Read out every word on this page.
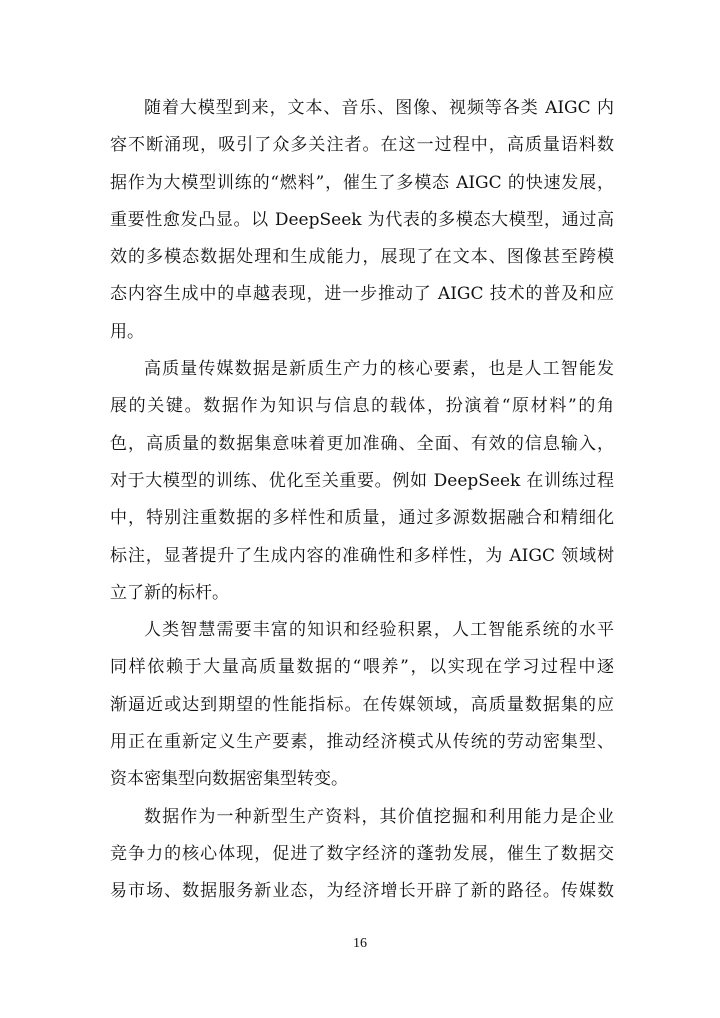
随着大模型到来，文本、音乐、图像、视频等各类 AIGC 内
容不断涌现，吸引了众多关注者。在这一过程中，高质量语料数
据作为大模型训练的“燃料”，催生了多模态 AIGC 的快速发展，
重要性愈发凸显。以 DeepSeek 为代表的多模态大模型，通过高
效的多模态数据处理和生成能力，展现了在文本、图像甚至跨模
态内容生成中的卓越表现，进一步推动了 AIGC 技术的普及和应
用。
高质量传媒数据是新质生产力的核心要素，也是人工智能发
展的关键。数据作为知识与信息的载体，扮演着“原材料”的角
色，高质量的数据集意味着更加准确、全面、有效的信息输入，
对于大模型的训练、优化至关重要。例如 DeepSeek 在训练过程
中，特别注重数据的多样性和质量，通过多源数据融合和精细化
标注，显著提升了生成内容的准确性和多样性，为 AIGC 领域树
立了新的标杆。
人类智慧需要丰富的知识和经验积累，人工智能系统的水平
同样依赖于大量高质量数据的“喂养”，以实现在学习过程中逐
渐逼近或达到期望的性能指标。在传媒领域，高质量数据集的应
用正在重新定义生产要素，推动经济模式从传统的劳动密集型、
资本密集型向数据密集型转变。
数据作为一种新型生产资料，其价值挖掘和利用能力是企业
竞争力的核心体现，促进了数字经济的蓬勃发展，催生了数据交
易市场、数据服务新业态，为经济增长开辟了新的路径。传媒数
16
